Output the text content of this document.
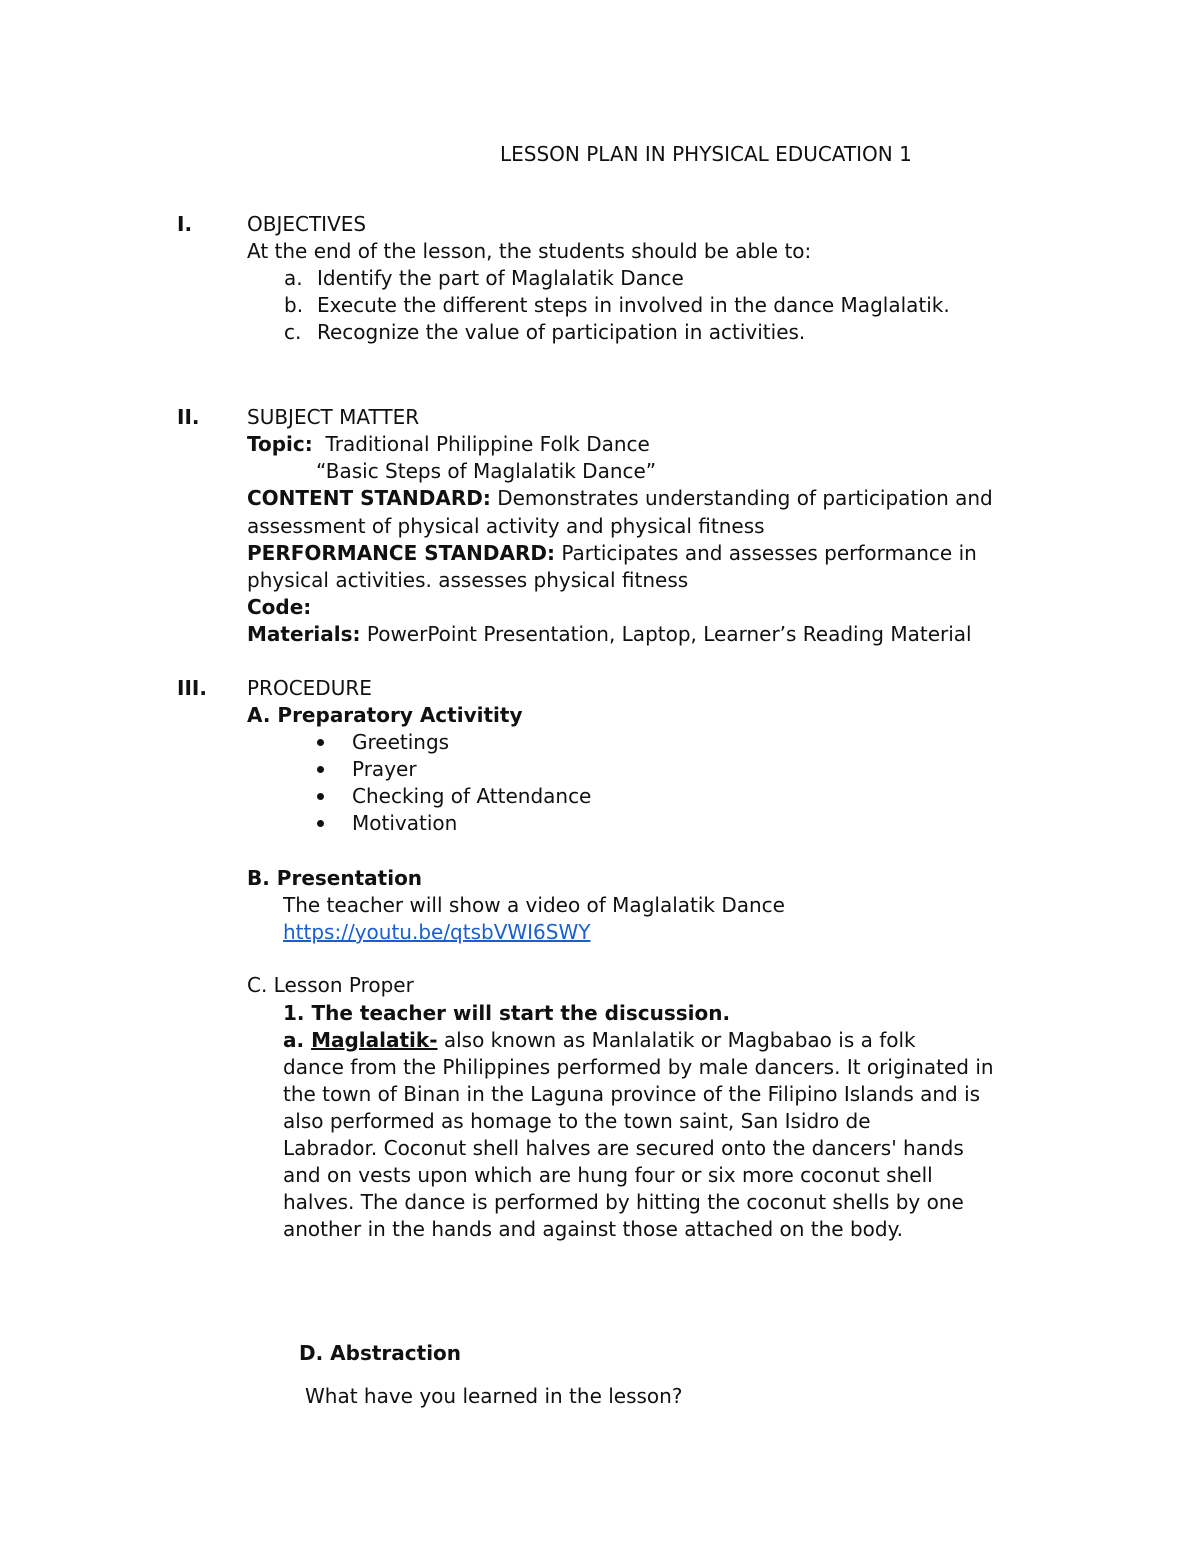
LESSON PLAN IN PHYSICAL EDUCATION 1
I.	OBJECTIVES
At the end of the lesson, the students should be able to:
a. Identify the part of Maglalatik Dance
b. Execute the different steps in involved in the dance Maglalatik.
c. Recognize the value of participation in activities.
II. SUBJECT MATTER
Topic: Traditional Philippine Folk Dance
“Basic Steps of Maglalatik Dance”
CONTENT STANDARD: Demonstrates understanding of participation and
assessment of physical activity and physical fitness
PERFORMANCE STANDARD: Participates and assesses performance in
physical activities. assesses physical fitness
Code:
Materials: PowerPoint Presentation, Laptop, Learner’s Reading Material
III. PROCEDURE
A. Preparatory Activitity
Greetings
Prayer
Checking of Attendance
Motivation
B. Presentation
The teacher will show a video of Maglalatik Dance
https://youtu.be/qtsbVWI6SWY
C. Lesson Proper
1. The teacher will start the discussion.
a. Maglalatik- also known as Manlalatik or Magbabao is a folk
dance from the Philippines performed by male dancers. It originated in
the town of Binan in the Laguna province of the Filipino Islands and is
also performed as homage to the town saint, San Isidro de
Labrador. Coconut shell halves are secured onto the dancers' hands
and on vests upon which are hung four or six more coconut shell
halves. The dance is performed by hitting the coconut shells by one
another in the hands and against those attached on the body.
D. Abstraction
What have you learned in the lesson?
